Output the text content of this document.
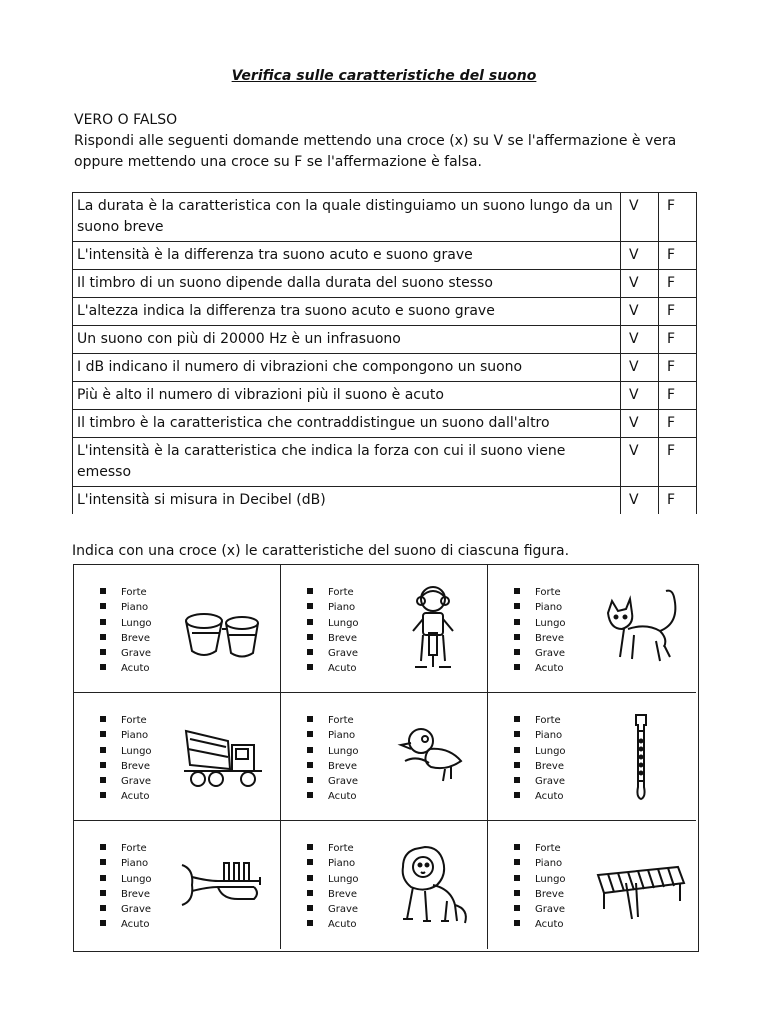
Verifica sulle caratteristiche del suono

VERO O FALSO

Rispondi alle seguenti domande mettendo una croce (x) su V se l'affermazione è vera

oppure mettendo una croce su F se l'affermazione è falsa.

La durata è la caratteristica con la quale distinguiamo un suono lungo da un suono breve	V	F
L'intensità è la differenza tra suono acuto e suono grave	V	F
Il timbro di un suono dipende dalla durata del suono stesso	V	F
L'altezza indica la differenza tra suono acuto e suono grave	V	F
Un suono con più di 20000 Hz è un infrasuono	V	F
I dB indicano il numero di vibrazioni che compongono un suono	V	F
Più è alto il numero di vibrazioni più il suono è acuto	V	F
Il timbro è la caratteristica che contraddistingue un suono dall'altro	V	F
L'intensità è la caratteristica che indica la forza con cui il suono viene emesso	V	F
L'intensità si misura in Decibel (dB)	V	F
Indica con una croce (x) le caratteristiche del suono di ciascuna figura.
Forte
Piano
Lungo
Breve
Grave
Acuto
Forte
Piano
Lungo
Breve
Grave
Acuto
Forte
Piano
Lungo
Breve
Grave
Acuto
Forte
Piano
Lungo
Breve
Grave
Acuto
Forte
Piano
Lungo
Breve
Grave
Acuto
Forte
Piano
Lungo
Breve
Grave
Acuto
Forte
Piano
Lungo
Breve
Grave
Acuto
Forte
Piano
Lungo
Breve
Grave
Acuto
Forte
Piano
Lungo
Breve
Grave
Acuto
